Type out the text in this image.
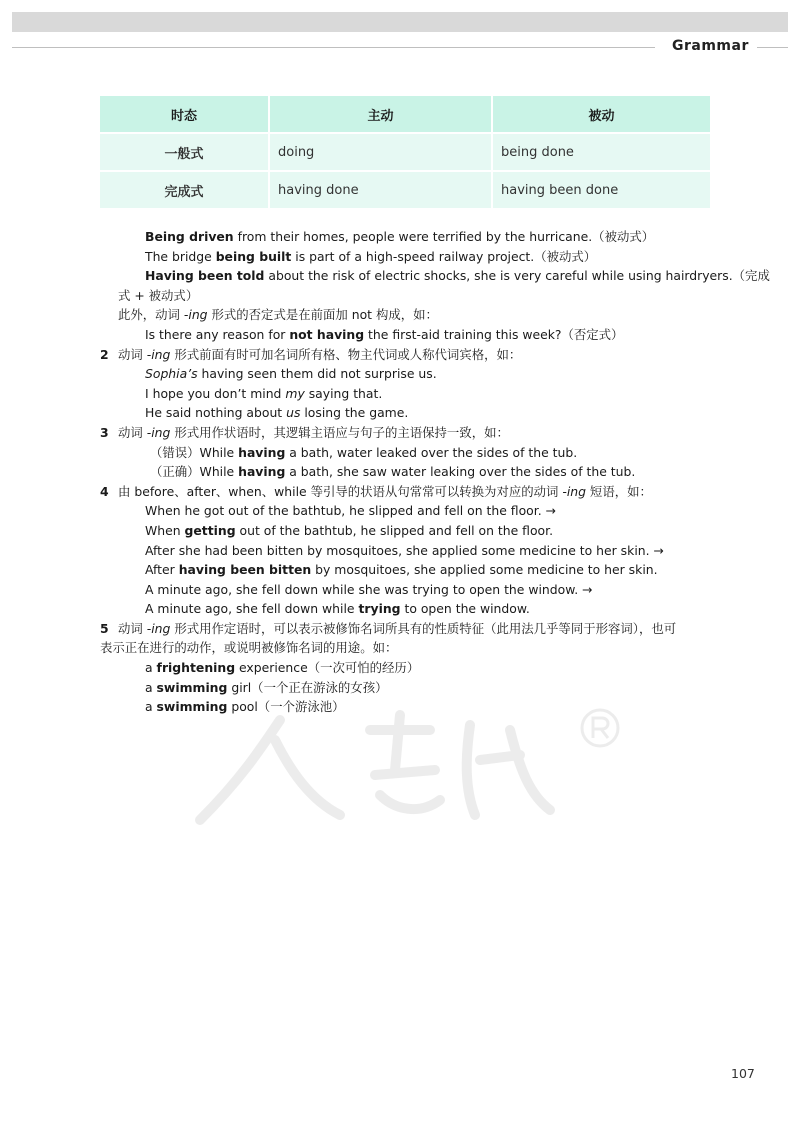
Grammar
时态	主动	被动
一般式	doing	being done
完成式	having done	having been done
Being driven from their homes, people were terrified by the hurricane.（被动式）
The bridge being built is part of a high-speed railway project.（被动式）
Having been told about the risk of electric shocks, she is very careful while using hairdryers.（完成
式 + 被动式）
此外，动词 -ing 形式的否定式是在前面加 not 构成，如：
Is there any reason for not having the first-aid training this week?（否定式）
2 动词 -ing 形式前面有时可加名词所有格、物主代词或人称代词宾格，如：
Sophia’s having seen them did not surprise us.
I hope you don’t mind my saying that.
He said nothing about us losing the game.
3 动词 -ing 形式用作状语时，其逻辑主语应与句子的主语保持一致，如：
（错误）While having a bath, water leaked over the sides of the tub.
（正确）While having a bath, she saw water leaking over the sides of the tub.
4 由 before、after、when、while 等引导的状语从句常常可以转换为对应的动词 -ing 短语，如：
When he got out of the bathtub, he slipped and fell on the floor. →
When getting out of the bathtub, he slipped and fell on the floor.
After she had been bitten by mosquitoes, she applied some medicine to her skin. →
After having been bitten by mosquitoes, she applied some medicine to her skin.
A minute ago, she fell down while she was trying to open the window. →
A minute ago, she fell down while trying to open the window.
5 动词 -ing 形式用作定语时，可以表示被修饰名词所具有的性质特征（此用法几乎等同于形容词），也可
表示正在进行的动作，或说明被修饰名词的用途。如：
a frightening experience（一次可怕的经历）
a swimming girl（一个正在游泳的女孩）
a swimming pool（一个游泳池）
107
